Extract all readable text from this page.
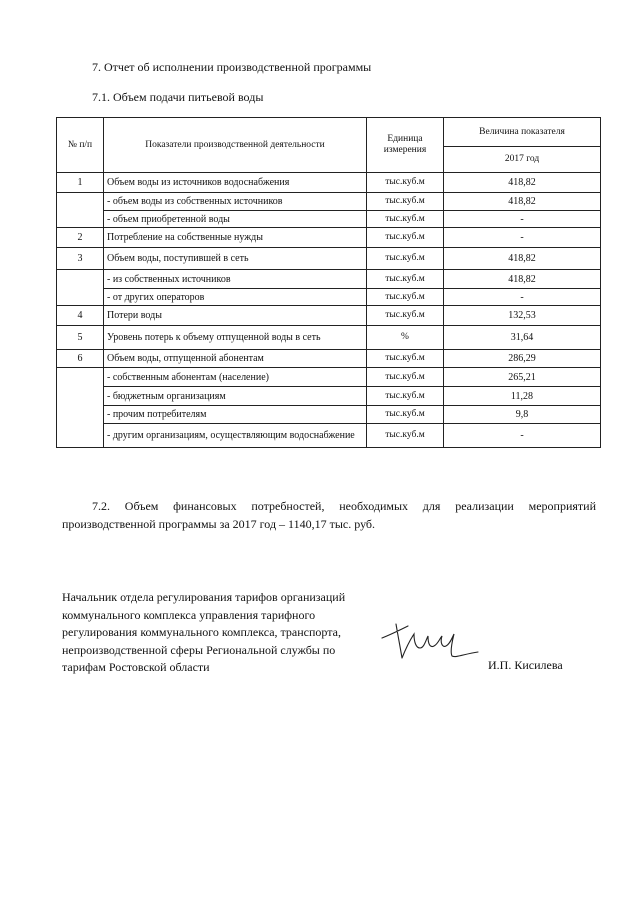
7. Отчет об исполнении производственной программы
7.1. Объем подачи питьевой воды
№ п/п	Показатели производственной деятельности	Единица измерения	Величина показателя
			2017 год
1	Объем воды из источников водоснабжения	тыс.куб.м	418,82
	- объем воды из собственных источников	тыс.куб.м	418,82
	- объем приобретенной воды	тыс.куб.м	-
2	Потребление на собственные нужды	тыс.куб.м	-
3	Объем воды, поступившей в сеть	тыс.куб.м	418,82
	- из собственных источников	тыс.куб.м	418,82
	- от других операторов	тыс.куб.м	-
4	Потери воды	тыс.куб.м	132,53
5	Уровень потерь к объему отпущенной воды в сеть	%	31,64
6	Объем воды, отпущенной абонентам	тыс.куб.м	286,29
	- собственным абонентам (население)	тыс.куб.м	265,21
	- бюджетным организациям	тыс.куб.м	11,28
	- прочим потребителям	тыс.куб.м	9,8
	- другим организациям, осуществляющим водоснабжение	тыс.куб.м	-
7.2. Объем финансовых потребностей, необходимых для реализации мероприятий производственной программы за 2017 год – 1140,17 тыс. руб.
Начальник отдела регулирования тарифов организаций
коммунального комплекса управления тарифного
регулирования коммунального комплекса, транспорта,
непроизводственной сферы Региональной службы по
тарифам Ростовской области	И.П. Кисилева
